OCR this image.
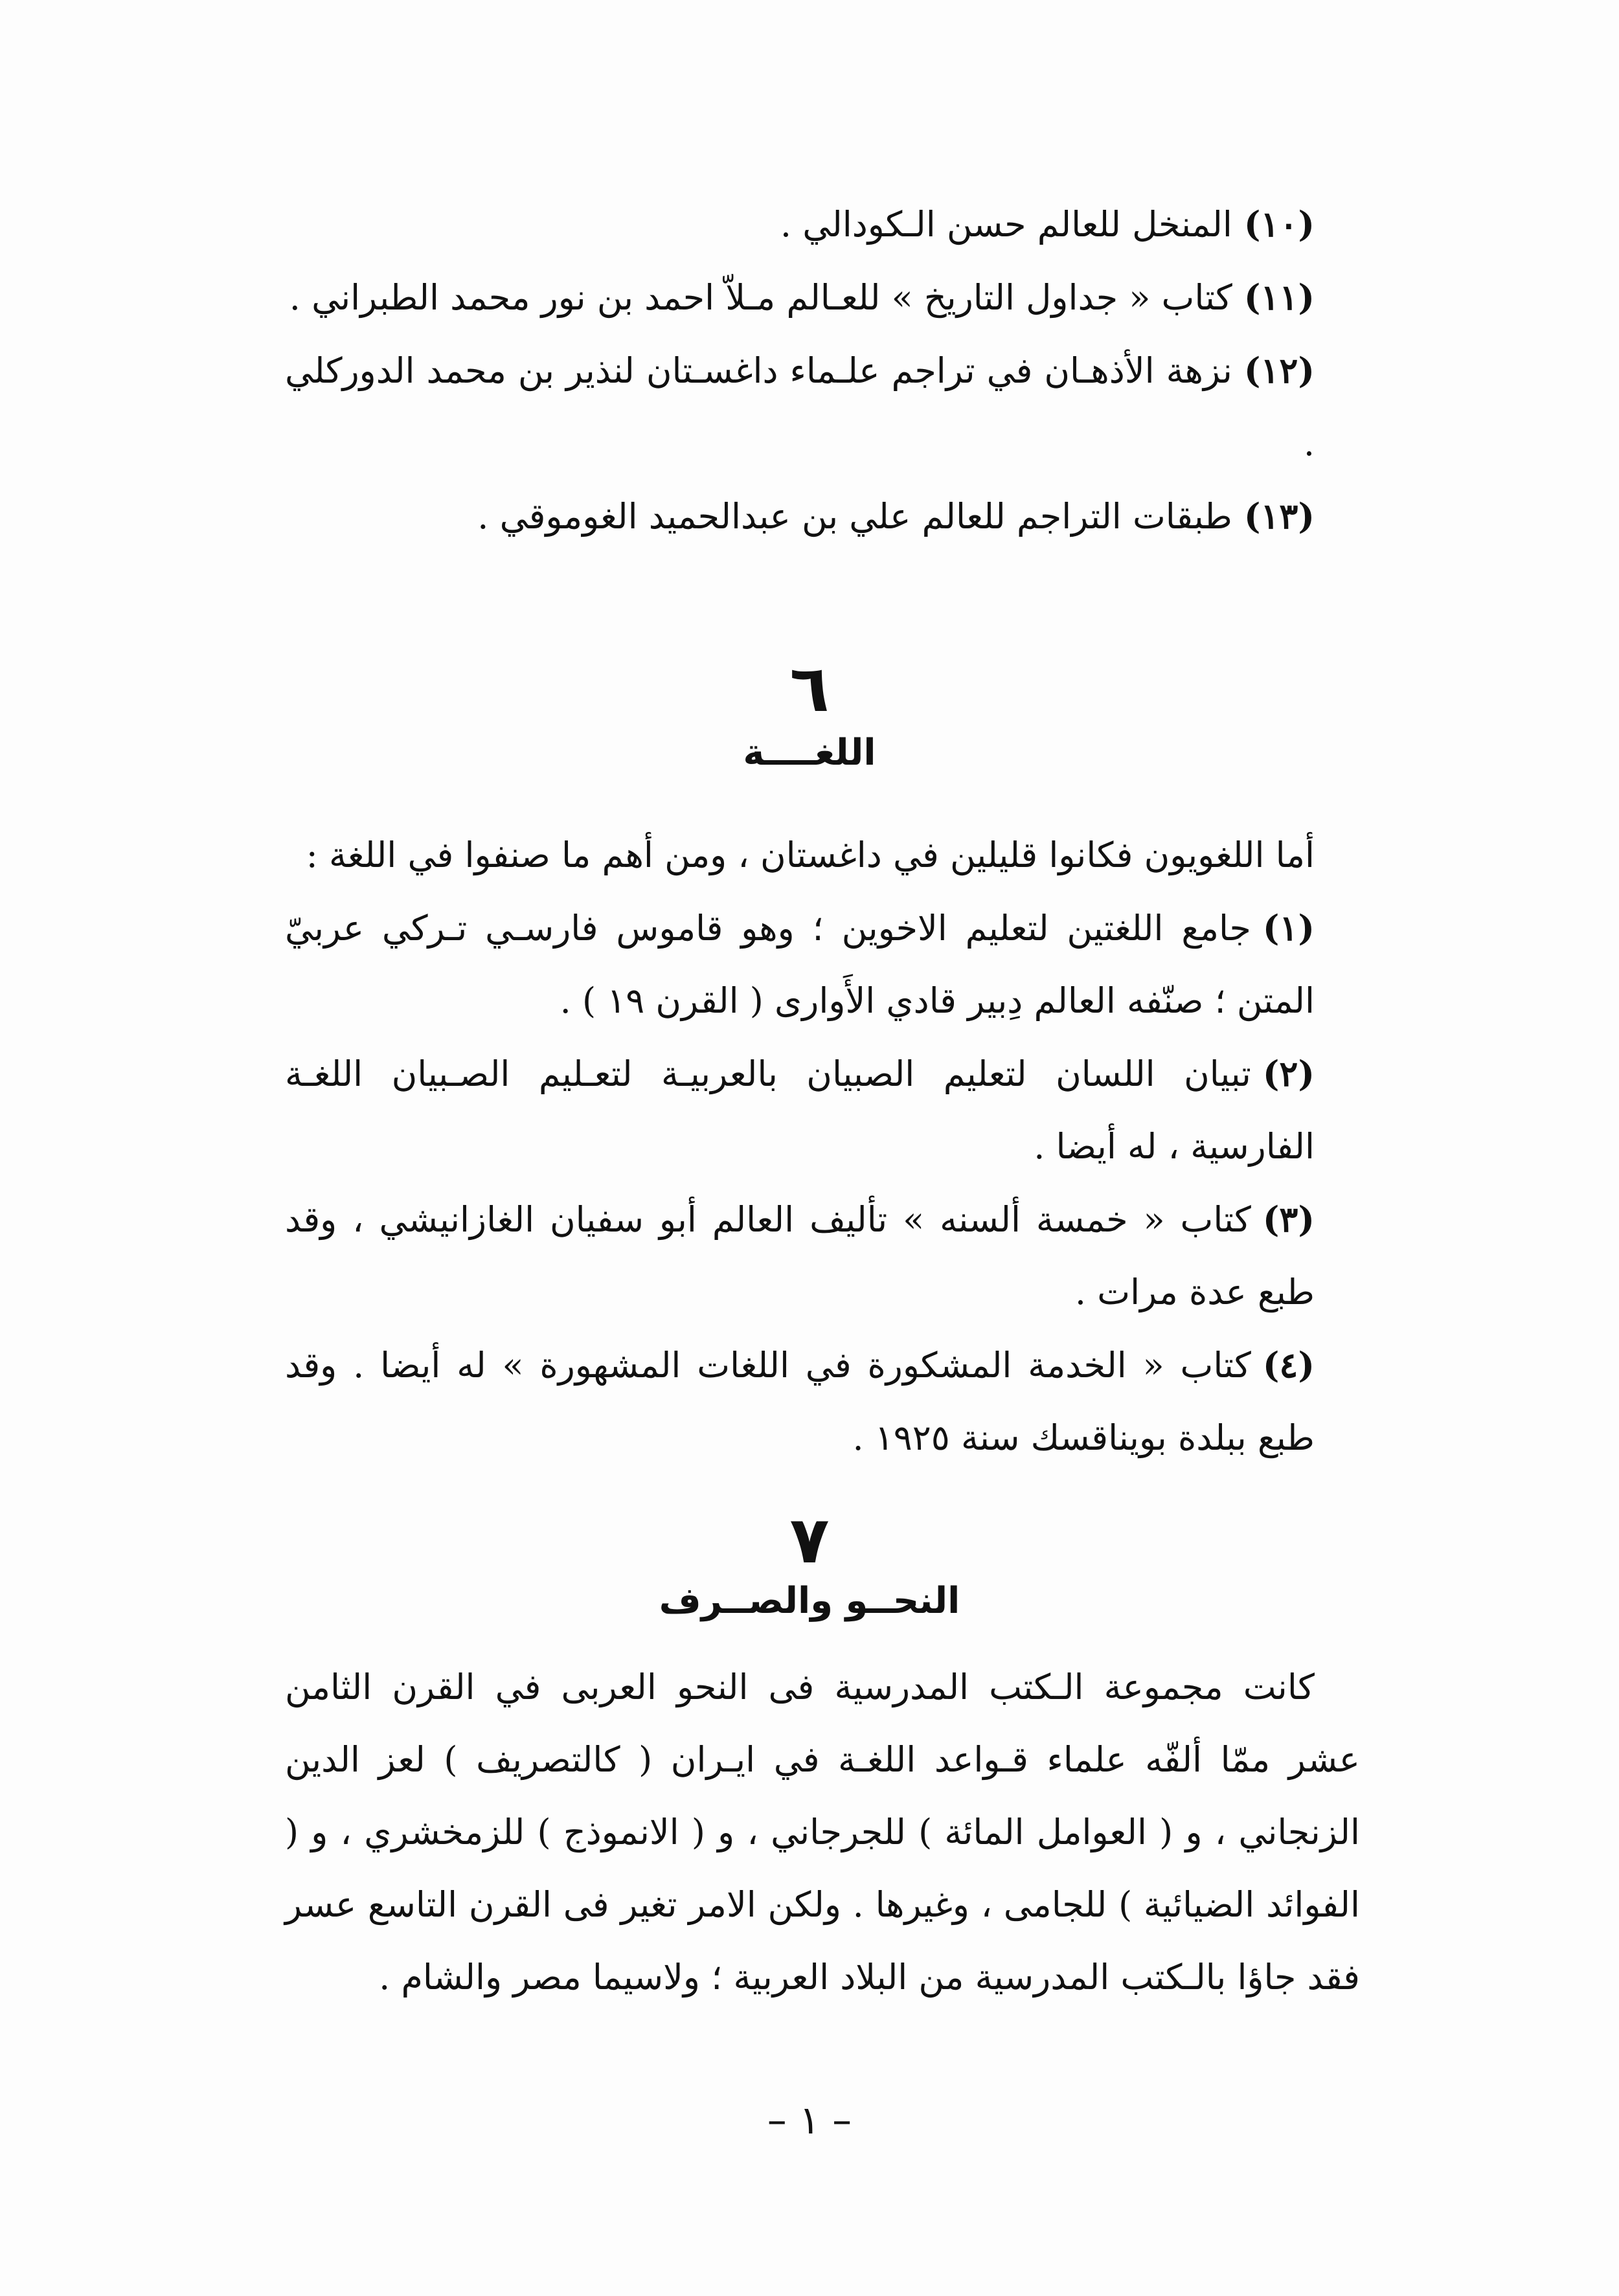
(١٠)المنخل للعالم حسن الـكودالي .
(١١)كتاب « جداول التاريخ » للعـالم مـلاّ احمد بن نور محمد الطبراني .
(١٢)نزهة الأذهـان في تراجم علـماء داغسـتان لنذير بن محمد الدوركلي .
(١٣)طبقات التراجم للعالم علي بن عبدالحميد الغوموقي .
٦
اللغــــة

أما اللغويون فكانوا قليلين في داغستان ، ومن أهم ما صنفوا في اللغة :

(١)جامع اللغتين لتعليم الاخوين ؛ وهو قاموس فارسـي تـركي عربيّ المتن ؛ صنّفه العالم دِبير قادي الأَوارى ( القرن ١٩ ) .
(٢)تبيان اللسان لتعليم الصبيان بالعربيـة لتعـليم الصـبيان اللغـة الفارسية ، له أيضا .
(٣)كتاب « خمسة ألسنه » تأليف العالم أبو سفيان الغازانيشي ، وقد طبع عدة مرات .
(٤)كتاب « الخدمة المشكورة في اللغات المشهورة » له أيضا . وقد طبع ببلدة بويناقسك سنة ١٩٢٥ .
٧
النحــو والصــرف

كانت مجموعة الـكتب المدرسية فى النحو العربى في القرن الثامن عشر ممّا ألفّه علماء قـواعد اللغـة في ايـران ( كالتصريف ) لعز الدين الزنجاني ، و ( العوامل المائة ) للجرجاني ، و ( الانموذج ) للزمخشري ، و ( الفوائد الضيائية ) للجامى ، وغيرها . ولكن الامر تغير فى القرن التاسع عسر فقد جاؤا بالـكتب المدرسية من البلاد العربية ؛ ولاسيما مصر والشام .

– ١ –
